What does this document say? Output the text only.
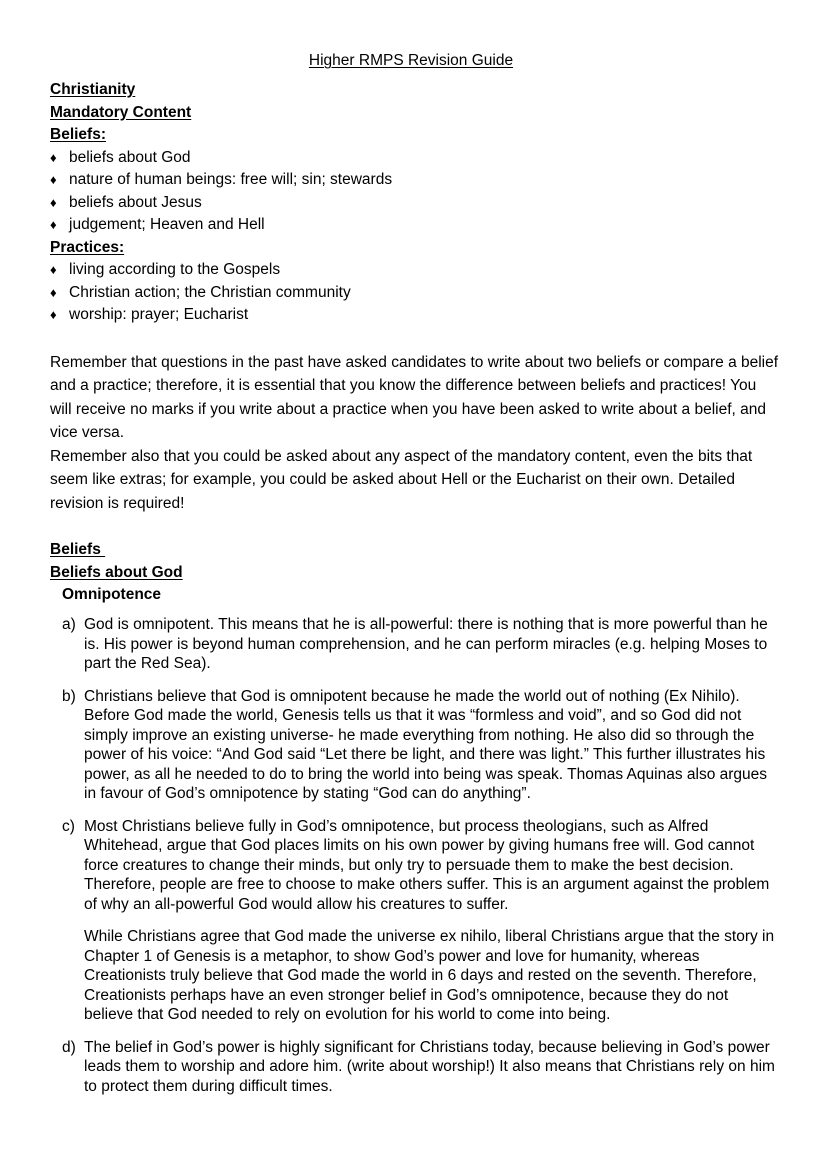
Higher RMPS Revision Guide
Christianity
Mandatory Content
Beliefs:
♦ beliefs about God
♦ nature of human beings: free will; sin; stewards
♦ beliefs about Jesus
♦ judgement; Heaven and Hell
Practices:
♦ living according to the Gospels
♦ Christian action; the Christian community
♦ worship: prayer; Eucharist

Remember that questions in the past have asked candidates to write about two beliefs or compare a belief and a practice; therefore, it is essential that you know the difference between beliefs and practices! You will receive no marks if you write about a practice when you have been asked to write about a belief, and vice versa.

Remember also that you could be asked about any aspect of the mandatory content, even the bits that seem like extras; for example, you could be asked about Hell or the Eucharist on their own. Detailed revision is required!

Beliefs
Beliefs about God
Omnipotence
a) God is omnipotent. This means that he is all-powerful: there is nothing that is more powerful than he is. His power is beyond human comprehension, and he can perform miracles (e.g. helping Moses to part the Red Sea).
b) Christians believe that God is omnipotent because he made the world out of nothing (Ex Nihilo). Before God made the world, Genesis tells us that it was “formless and void”, and so God did not simply improve an existing universe- he made everything from nothing. He also did so through the power of his voice: “And God said “Let there be light, and there was light.” This further illustrates his power, as all he needed to do to bring the world into being was speak. Thomas Aquinas also argues in favour of God’s omnipotence by stating “God can do anything”.
c) Most Christians believe fully in God’s omnipotence, but process theologians, such as Alfred Whitehead, argue that God places limits on his own power by giving humans free will. God cannot force creatures to change their minds, but only try to persuade them to make the best decision. Therefore, people are free to choose to make others suffer. This is an argument against the problem of why an all-powerful God would allow his creatures to suffer.
While Christians agree that God made the universe ex nihilo, liberal Christians argue that the story in Chapter 1 of Genesis is a metaphor, to show God’s power and love for humanity, whereas Creationists truly believe that God made the world in 6 days and rested on the seventh. Therefore, Creationists perhaps have an even stronger belief in God’s omnipotence, because they do not believe that God needed to rely on evolution for his world to come into being.
d) The belief in God’s power is highly significant for Christians today, because believing in God’s power leads them to worship and adore him. (write about worship!) It also means that Christians rely on him to protect them during difficult times.
